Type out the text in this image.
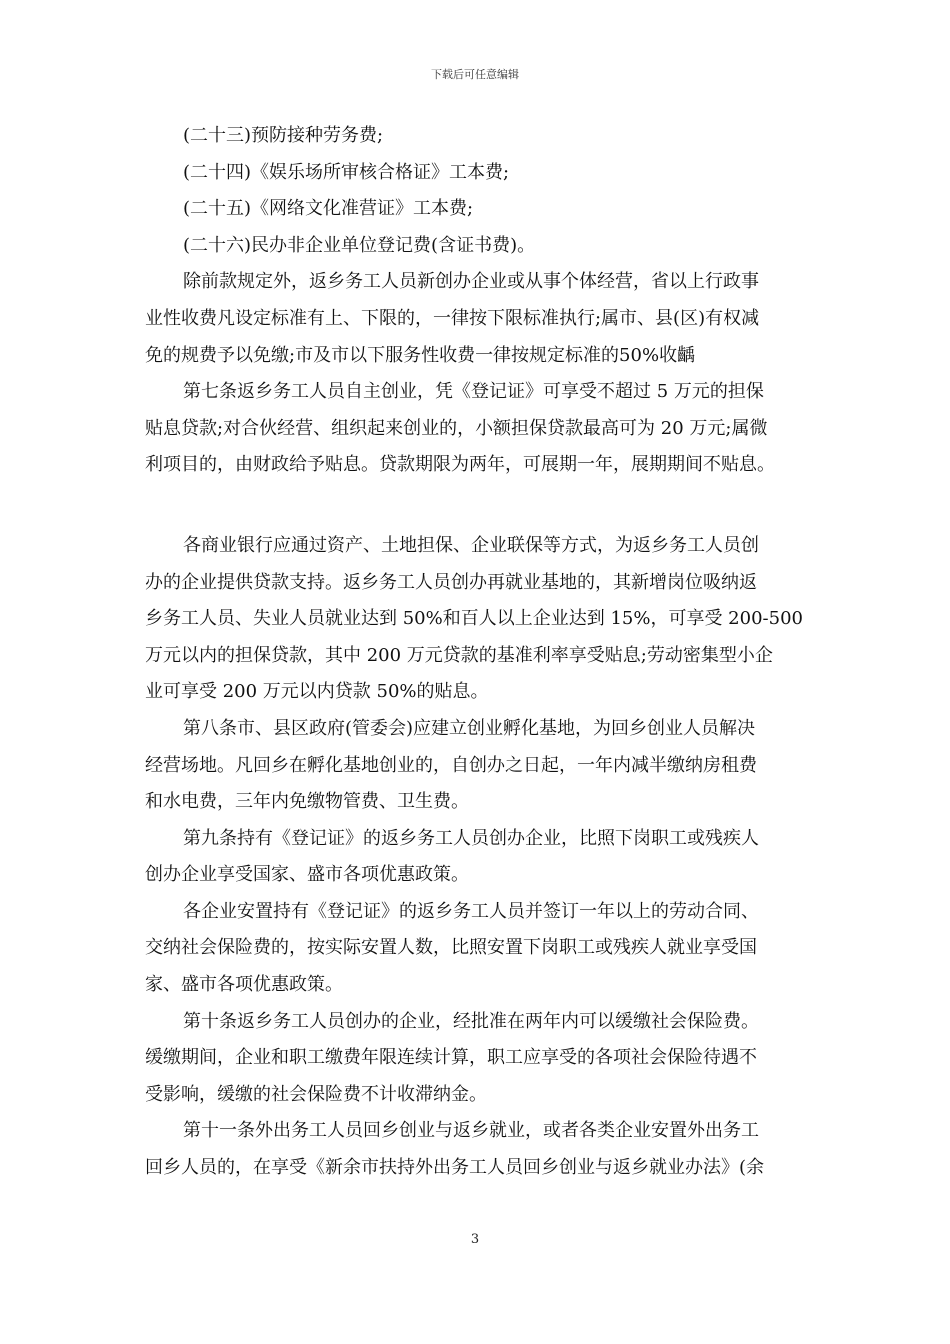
下载后可任意编辑

(二十三)预防接种劳务费;

(二十四)《娱乐场所审核合格证》工本费;

(二十五)《网络文化准营证》工本费;

(二十六)民办非企业单位登记费(含证书费)。

除前款规定外，返乡务工人员新创办企业或从事个体经营，省以上行政事

业性收费凡设定标准有上、下限的，一律按下限标准执行;属市、县(区)有权减

免的规费予以免缴;市及市以下服务性收费一律按规定标准的50%收齲

第七条返乡务工人员自主创业，凭《登记证》可享受不超过 5 万元的担保

贴息贷款;对合伙经营、组织起来创业的，小额担保贷款最高可为 20 万元;属微

利项目的，由财政给予贴息。贷款期限为两年，可展期一年，展期期间不贴息。

各商业银行应通过资产、土地担保、企业联保等方式，为返乡务工人员创

办的企业提供贷款支持。返乡务工人员创办再就业基地的，其新增岗位吸纳返

乡务工人员、失业人员就业达到 50%和百人以上企业达到 15%，可享受 200-500

万元以内的担保贷款，其中 200 万元贷款的基准利率享受贴息;劳动密集型小企

业可享受 200 万元以内贷款 50%的贴息。

第八条市、县区政府(管委会)应建立创业孵化基地，为回乡创业人员解决

经营场地。凡回乡在孵化基地创业的，自创办之日起，一年内减半缴纳房租费

和水电费，三年内免缴物管费、卫生费。

第九条持有《登记证》的返乡务工人员创办企业，比照下岗职工或残疾人

创办企业享受国家、盛市各项优惠政策。

各企业安置持有《登记证》的返乡务工人员并签订一年以上的劳动合同、

交纳社会保险费的，按实际安置人数，比照安置下岗职工或残疾人就业享受国

家、盛市各项优惠政策。

第十条返乡务工人员创办的企业，经批准在两年内可以缓缴社会保险费。

缓缴期间，企业和职工缴费年限连续计算，职工应享受的各项社会保险待遇不

受影响，缓缴的社会保险费不计收滞纳金。

第十一条外出务工人员回乡创业与返乡就业，或者各类企业安置外出务工

回乡人员的，在享受《新余市扶持外出务工人员回乡创业与返乡就业办法》(余

3
